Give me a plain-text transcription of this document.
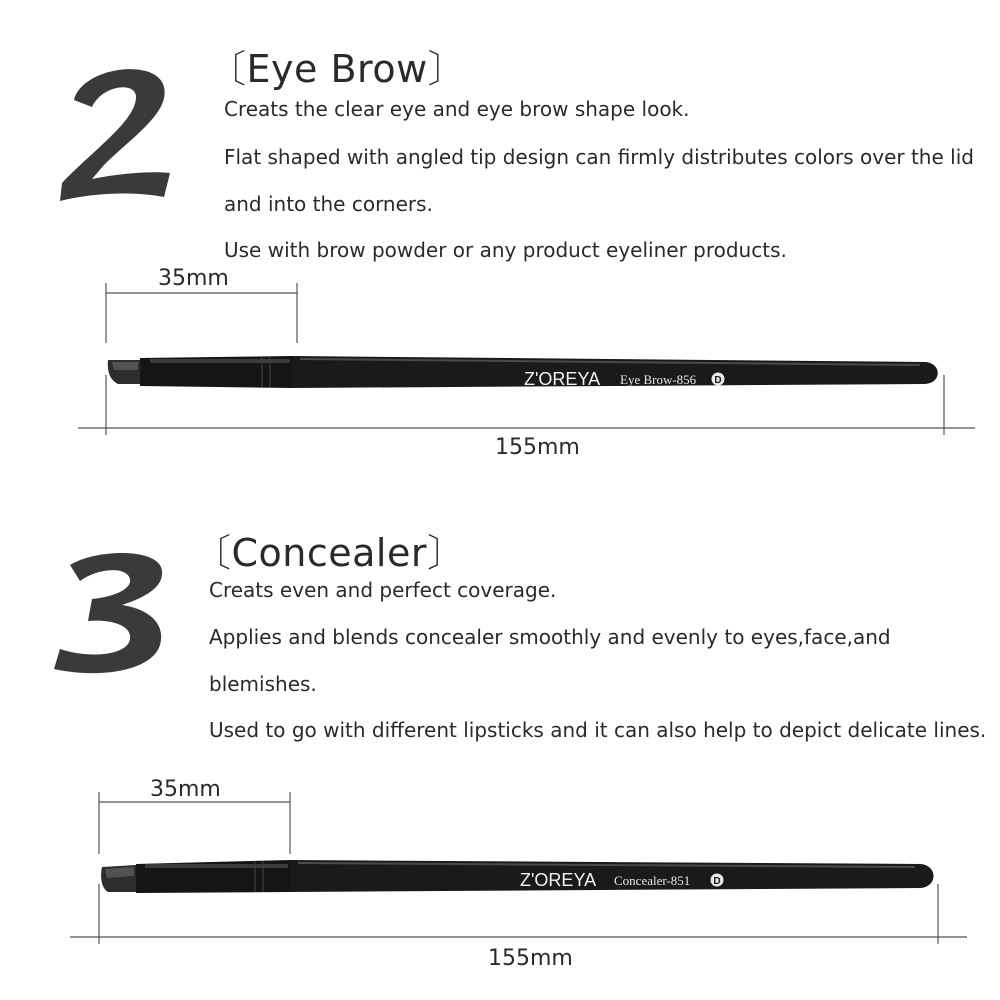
〔Eye Brow〕
Creats the clear eye and eye brow shape look.
Flat shaped with angled tip design can firmly distributes colors over the lid
and into the corners.
Use with brow powder or any product eyeliner products.
35mm
Z'OREYA Eye Brow-856 D
155mm
〔Concealer〕
Creats even and perfect coverage.
Applies and blends concealer smoothly and evenly to eyes,face,and
blemishes.
Used to go with different lipsticks and it can also help to depict delicate lines.
35mm
Z'OREYA Concealer-851 D
155mm
